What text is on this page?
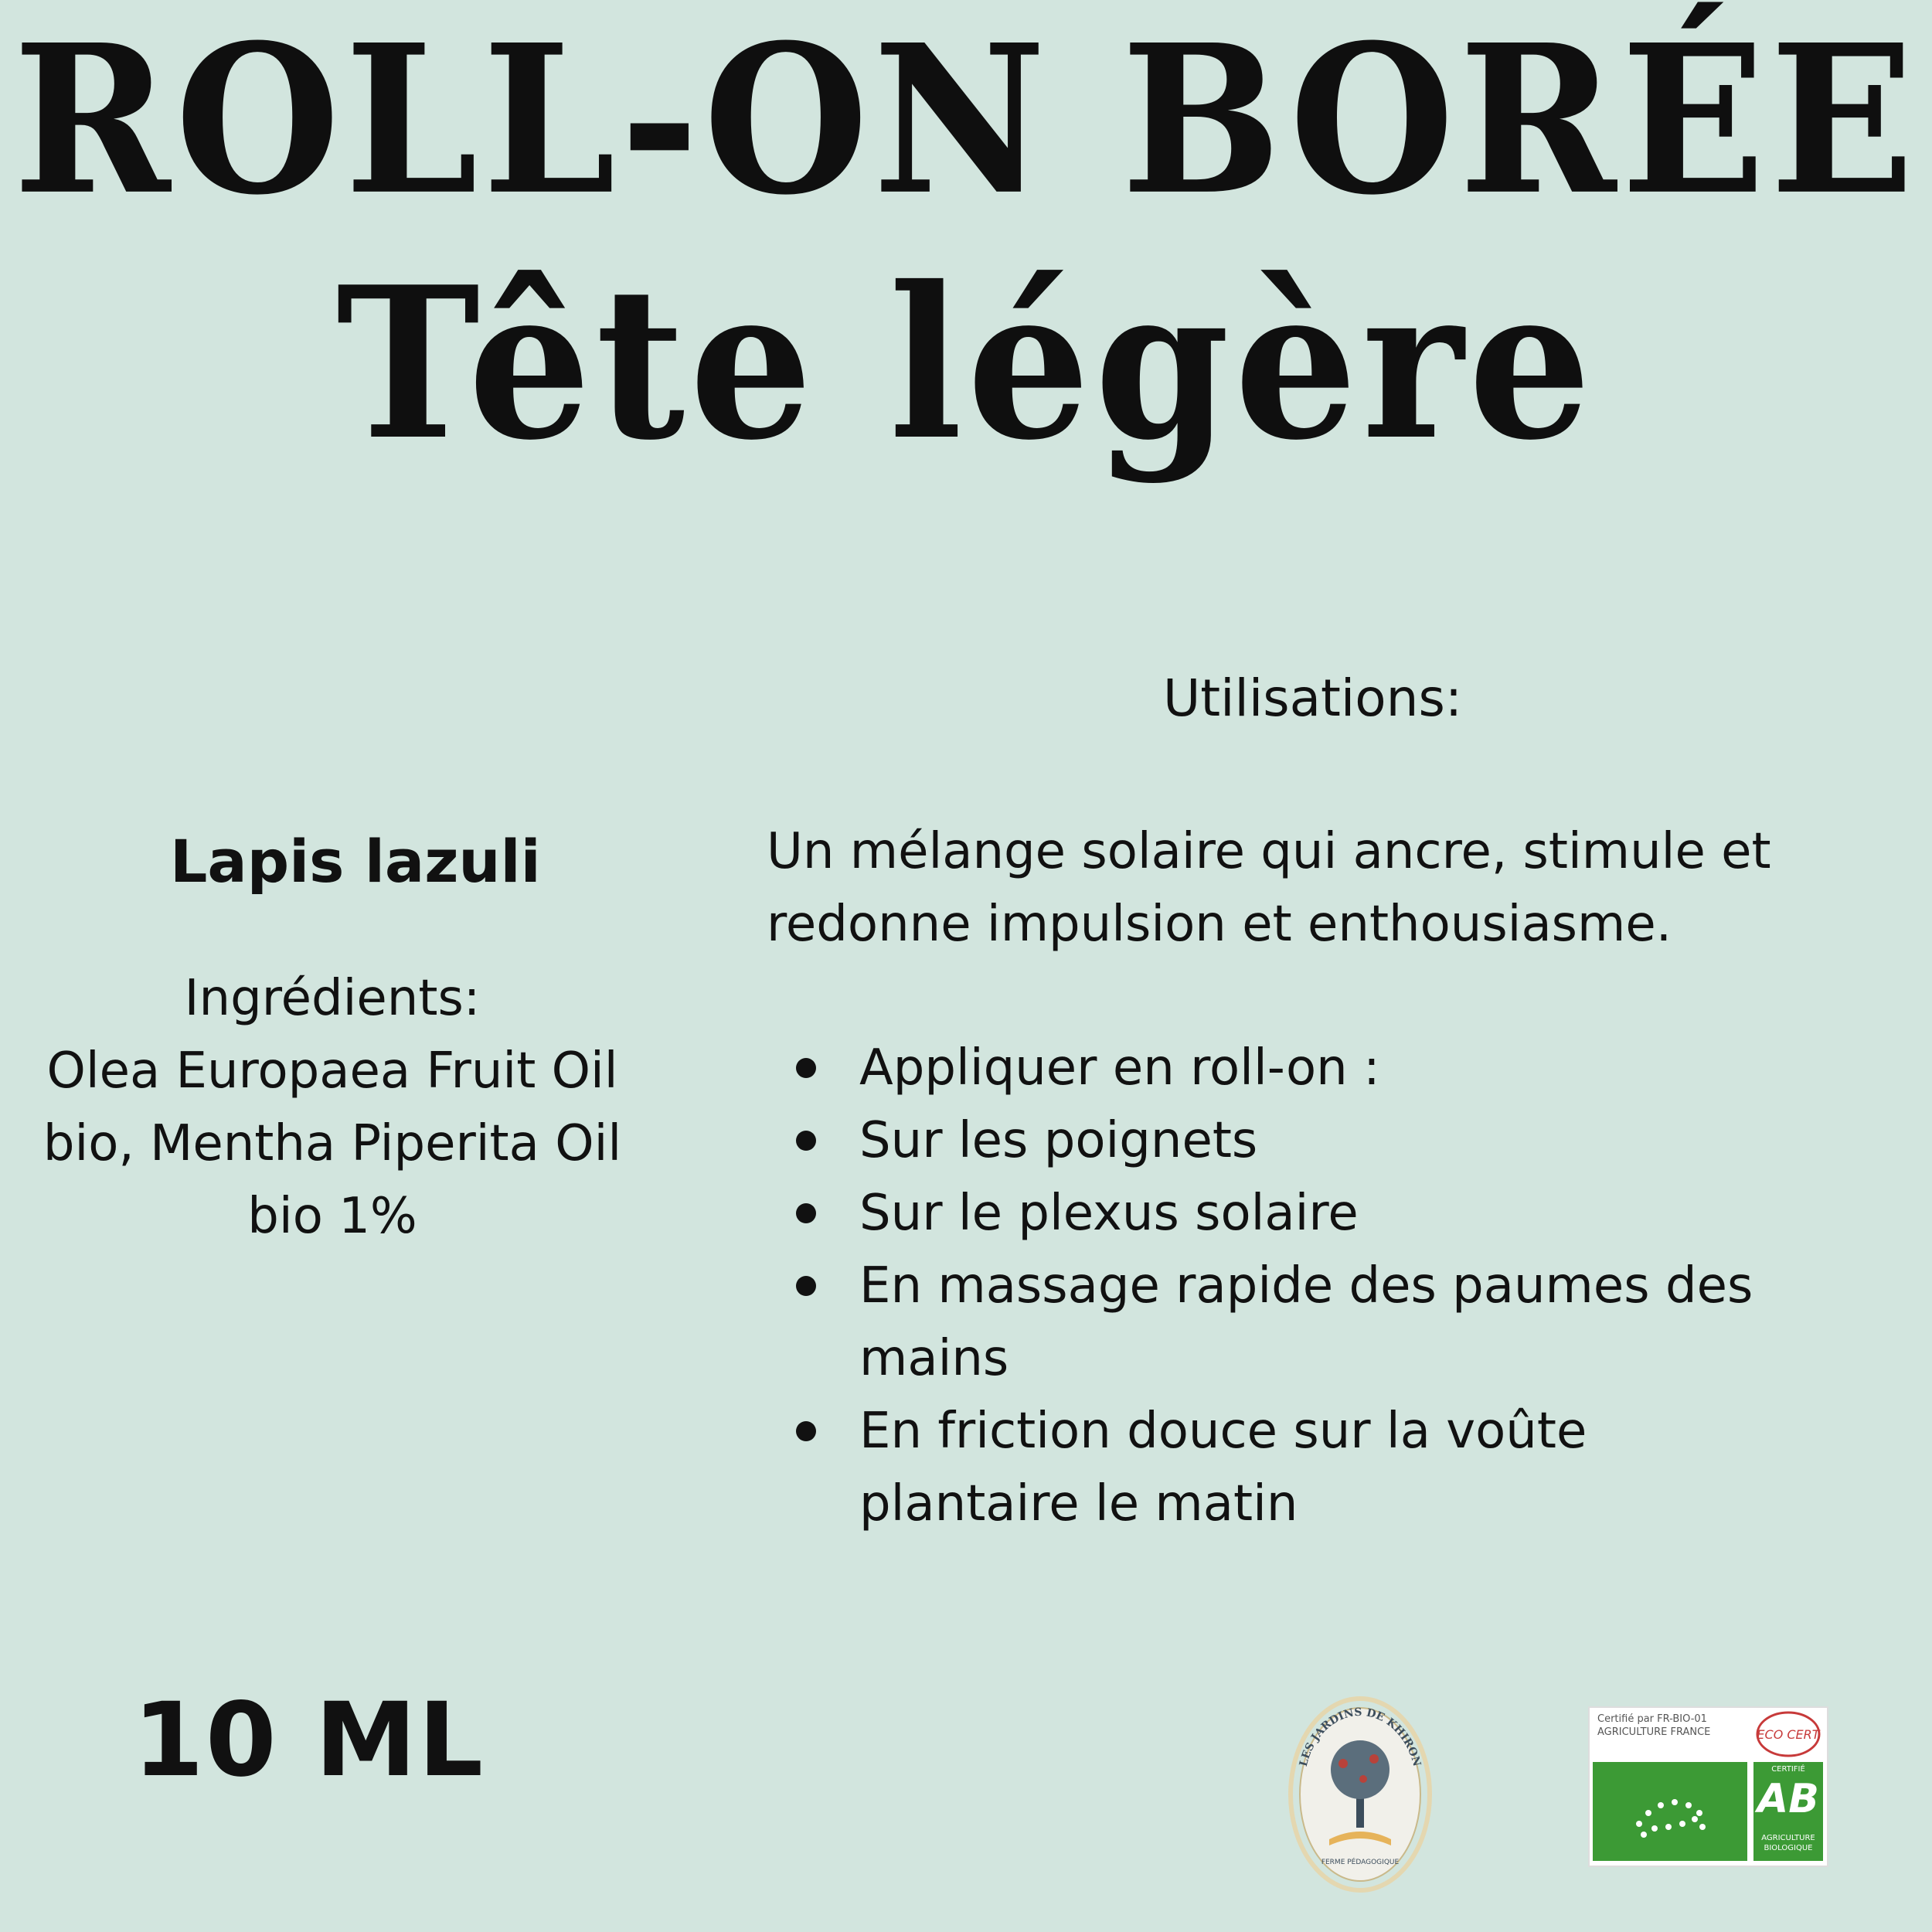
ROLL-ON BORÉE
Tête légère

Lapis lazuli

Ingrédients:
Olea Europaea Fruit Oil
bio, Mentha Piperita Oil
bio 1%

Utilisations:

Un mélange solaire qui ancre, stimule et
redonne impulsion et enthousiasme.
Appliquer en roll-on :
Sur les poignets
Sur le plexus solaire
En massage rapide des paumes des
mains
En friction douce sur la voûte
plantaire le matin

10 ML	LES JARDINS DE KHIRON
FERME PÉDAGOGIQUE
Certifié par FR-BIO-01
AGRICULTURE FRANCE	ECO CERT
CERTIFIÉ
AB
AGRICULTURE
BIOLOGIQUE
